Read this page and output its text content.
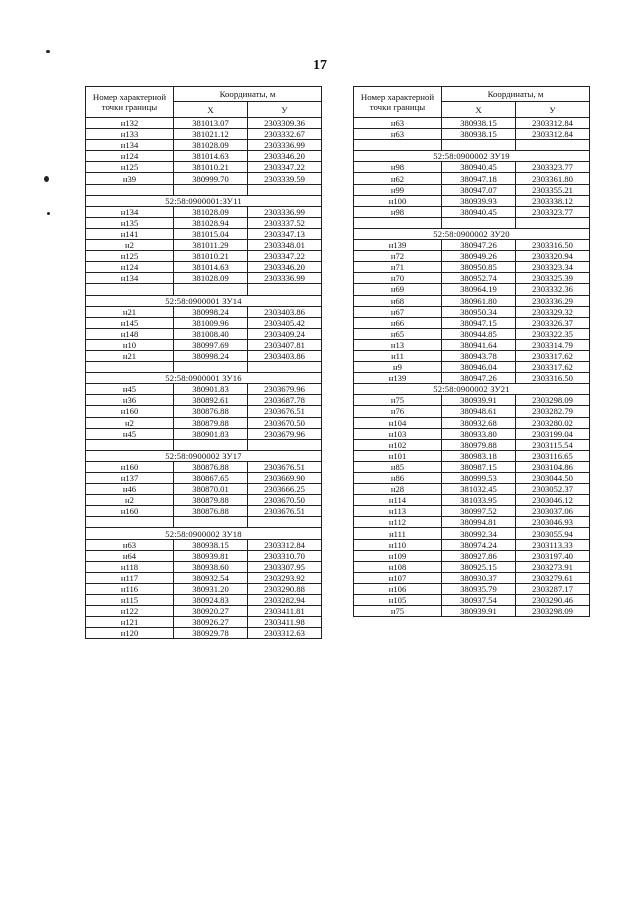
17
Номер характерной точки границы	Координаты, м	
	X	У
н132	381013.07	2303309.36
н133	381021.12	2303332.67
н134	381028.09	2303336.99
н124	381014.63	2303346.20
н125	381010.21	2303347.22
н39	380999.70	2303339.59

52:58:0900001:ЗУ11		
н134	381028.09	2303336.99
н135	381028.94	2303337.52
н141	381015.04	2303347.13
н2	381011.29	2303348.01
н125	381010.21	2303347.22
н124	381014.63	2303346.20
н134	381028.09	2303336.99

52:58:0900001 ЗУ14		
н21	380998.24	2303403.86
н145	381009.96	2303405.42
н148	381008.40	2303409.24
н10	380997.69	2303407.81
н21	380998.24	2303403.86

52:58:0900001 ЗУ16		
н45	380901.83	2303679.96
н36	380892.61	2303687.78
н160	380876.88	2303676.51
н2	380879.88	2303670.50
н45	380901.83	2303679.96

52:58:0900002 ЗУ17		
н160	380876.88	2303676.51
н137	380867.65	2303669.90
н46	380870.01	2303666.25
н2	380879.88	2303670.50
н160	380876.88	2303676.51

52:58:0900002 ЗУ18		
н63	380938.15	2303312.84
н64	380939.81	2303310.70
н118	380938.60	2303307.95
н117	380932.54	2303293.92
н116	380931.20	2303290.88
н115	380924.83	2303282.94
н122	380920.27	2303411.81
н121	380926.27	2303411.98
н120	380929.78	2303312.63
Номер характерной точки границы	Координаты, м	
	X	У
н63	380938.15	2303312.84
н63	380938.15	2303312.84

52:58:0900002 ЗУ19		
н98	380940.45	2303323.77
н62	380947.18	2303361.80
н99	380947.07	2303355.21
н100	380939.93	2303338.12
н98	380940.45	2303323.77

52:58:0900002 ЗУ20		
н139	380947.26	2303316.50
н72	380949.26	2303320.94
н71	380950.85	2303323.34
н70	380952.74	2303325.39
н69	380964.19	2303332.36
н68	380961.80	2303336.29
н67	380950.34	2303329.32
н66	380947.15	2303326.37
н65	380944.85	2303322.35
н13	380941.64	2303314.79
н11	380943.78	2303317.62
н9	380946.04	2303317.62
н139	380947.26	2303316.50
52:58:0900002 ЗУ21		
н75	380939.91	2303298.09
н76	380948.61	2303282.79
н104	380932.68	2303280.02
н103	380933.80	2303199.04
н102	380979.88	2303115.54
н101	380983.18	2303116.65
н85	380987.15	2303104.86
н86	380999.53	2303044.50
н28	381032.45	2303052.37
н114	381033.95	2303046.12
н113	380997.52	2303037.06
н112	380994.81	2303046.93
н111	380992.34	2303055.94
н110	380974.24	2303113.33
н109	380927.86	2303197.40
н108	380925.15	2303273.91
н107	380930.37	2303279.61
н106	380935.79	2303287.17
н105	380937.54	2303290.46
н75	380939.91	2303298.09
